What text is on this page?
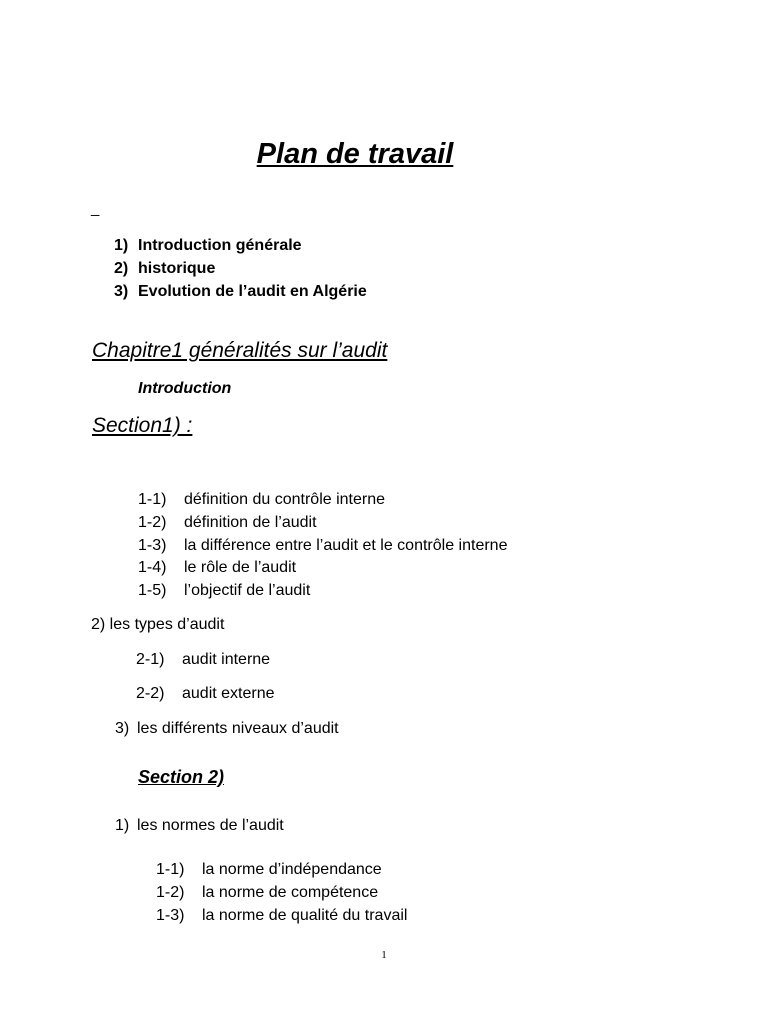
Plan de travail
_
1) Introduction générale
2) historique
3) Evolution de l’audit en Algérie
Chapitre1 généralités sur l’audit
Introduction
Section1) :
1-1) définition du contrôle interne
1-2) définition de l’audit
1-3) la différence entre l’audit et le contrôle interne
1-4) le rôle de l’audit
1-5) l’objectif de l’audit
2) les types d’audit
2-1) audit interne
2-2) audit externe
3) les différents niveaux d’audit
Section 2)
1) les normes de l’audit
1-1) la norme d’indépendance
1-2) la norme de compétence
1-3) la norme de qualité du travail
1
